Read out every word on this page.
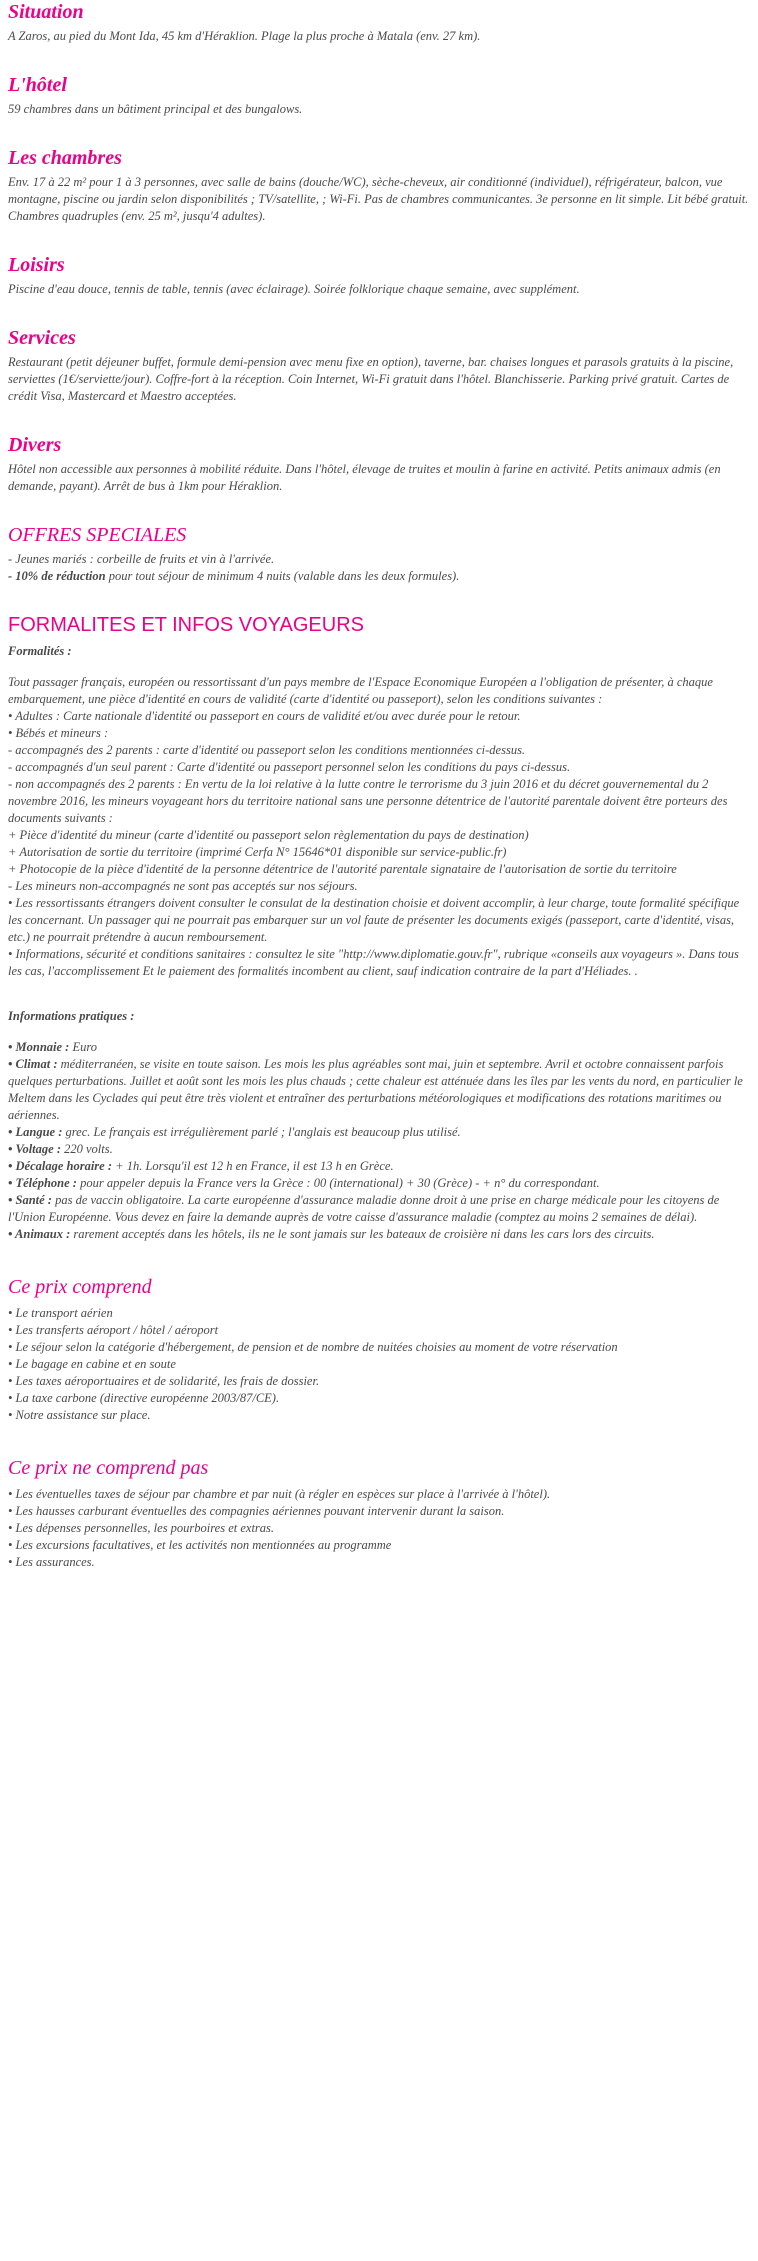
Situation

A Zaros, au pied du Mont Ida, 45 km d'Héraklion. Plage la plus proche à Matala (env. 27 km).

L'hôtel

59 chambres dans un bâtiment principal et des bungalows.

Les chambres

Env. 17 à 22 m² pour 1 à 3 personnes, avec salle de bains (douche/WC), sèche-cheveux, air conditionné (individuel), réfrigérateur, balcon, vue montagne, piscine ou jardin selon disponibilités ; TV/satellite, ; Wi-Fi. Pas de chambres communicantes. 3e personne en lit simple. Lit bébé gratuit. Chambres quadruples (env. 25 m², jusqu'4 adultes).

Loisirs

Piscine d'eau douce, tennis de table, tennis (avec éclairage). Soirée folklorique chaque semaine, avec supplément.

Services

Restaurant (petit déjeuner buffet, formule demi-pension avec menu fixe en option), taverne, bar. chaises longues et parasols gratuits à la piscine, serviettes (1€/serviette/jour). Coffre-fort à la réception. Coin Internet, Wi-Fi gratuit dans l'hôtel. Blanchisserie. Parking privé gratuit. Cartes de crédit Visa, Mastercard et Maestro acceptées.

Divers

Hôtel non accessible aux personnes à mobilité réduite. Dans l'hôtel, élevage de truites et moulin à farine en activité. Petits animaux admis (en demande, payant). Arrêt de bus à 1km pour Héraklion.

OFFRES SPECIALES

- Jeunes mariés : corbeille de fruits et vin à l'arrivée.

- 10% de réduction pour tout séjour de minimum 4 nuits (valable dans les deux formules).

FORMALITES ET INFOS VOYAGEURS

Formalités :

Tout passager français, européen ou ressortissant d'un pays membre de l'Espace Economique Européen a l'obligation de présenter, à chaque embarquement, une pièce d'identité en cours de validité (carte d'identité ou passeport), selon les conditions suivantes :

• Adultes : Carte nationale d'identité ou passeport en cours de validité et/ou avec durée pour le retour.

• Bébés et mineurs :

- accompagnés des 2 parents : carte d'identité ou passeport selon les conditions mentionnées ci-dessus.

- accompagnés d'un seul parent : Carte d'identité ou passeport personnel selon les conditions du pays ci-dessus.

- non accompagnés des 2 parents : En vertu de la loi relative à la lutte contre le terrorisme du 3 juin 2016 et du décret gouvernemental du 2 novembre 2016, les mineurs voyageant hors du territoire national sans une personne détentrice de l'autorité parentale doivent être porteurs des documents suivants :

+ Pièce d'identité du mineur (carte d'identité ou passeport selon règlementation du pays de destination)

+ Autorisation de sortie du territoire (imprimé Cerfa N° 15646*01 disponible sur service-public.fr)

+ Photocopie de la pièce d'identité de la personne détentrice de l'autorité parentale signataire de l'autorisation de sortie du territoire

- Les mineurs non-accompagnés ne sont pas acceptés sur nos séjours.

• Les ressortissants étrangers doivent consulter le consulat de la destination choisie et doivent accomplir, à leur charge, toute formalité spécifique les concernant. Un passager qui ne pourrait pas embarquer sur un vol faute de présenter les documents exigés (passeport, carte d'identité, visas, etc.) ne pourrait prétendre à aucun remboursement.

• Informations, sécurité et conditions sanitaires : consultez le site "http://www.diplomatie.gouv.fr", rubrique «conseils aux voyageurs ». Dans tous les cas, l'accomplissement Et le paiement des formalités incombent au client, sauf indication contraire de la part d'Héliades. .

Informations pratiques :

• Monnaie : Euro

• Climat : méditerranéen, se visite en toute saison. Les mois les plus agréables sont mai, juin et septembre. Avril et octobre connaissent parfois quelques perturbations. Juillet et août sont les mois les plus chauds ; cette chaleur est atténuée dans les îles par les vents du nord, en particulier le Meltem dans les Cyclades qui peut être très violent et entraîner des perturbations météorologiques et modifications des rotations maritimes ou aériennes.

• Langue : grec. Le français est irrégulièrement parlé ; l'anglais est beaucoup plus utilisé.

• Voltage : 220 volts.

• Décalage horaire : + 1h. Lorsqu'il est 12 h en France, il est 13 h en Grèce.

• Téléphone : pour appeler depuis la France vers la Grèce : 00 (international) + 30 (Grèce) - + n° du correspondant.

• Santé : pas de vaccin obligatoire. La carte européenne d'assurance maladie donne droit à une prise en charge médicale pour les citoyens de l'Union Européenne. Vous devez en faire la demande auprès de votre caisse d'assurance maladie (comptez au moins 2 semaines de délai).

• Animaux : rarement acceptés dans les hôtels, ils ne le sont jamais sur les bateaux de croisière ni dans les cars lors des circuits.

Ce prix comprend

• Le transport aérien

• Les transferts aéroport / hôtel / aéroport

• Le séjour selon la catégorie d'hébergement, de pension et de nombre de nuitées choisies au moment de votre réservation

• Le bagage en cabine et en soute

• Les taxes aéroportuaires et de solidarité, les frais de dossier.

• La taxe carbone (directive européenne 2003/87/CE).

• Notre assistance sur place.

Ce prix ne comprend pas

• Les éventuelles taxes de séjour par chambre et par nuit (à régler en espèces sur place à l'arrivée à l'hôtel).

• Les hausses carburant éventuelles des compagnies aériennes pouvant intervenir durant la saison.

• Les dépenses personnelles, les pourboires et extras.

• Les excursions facultatives, et les activités non mentionnées au programme

• Les assurances.
